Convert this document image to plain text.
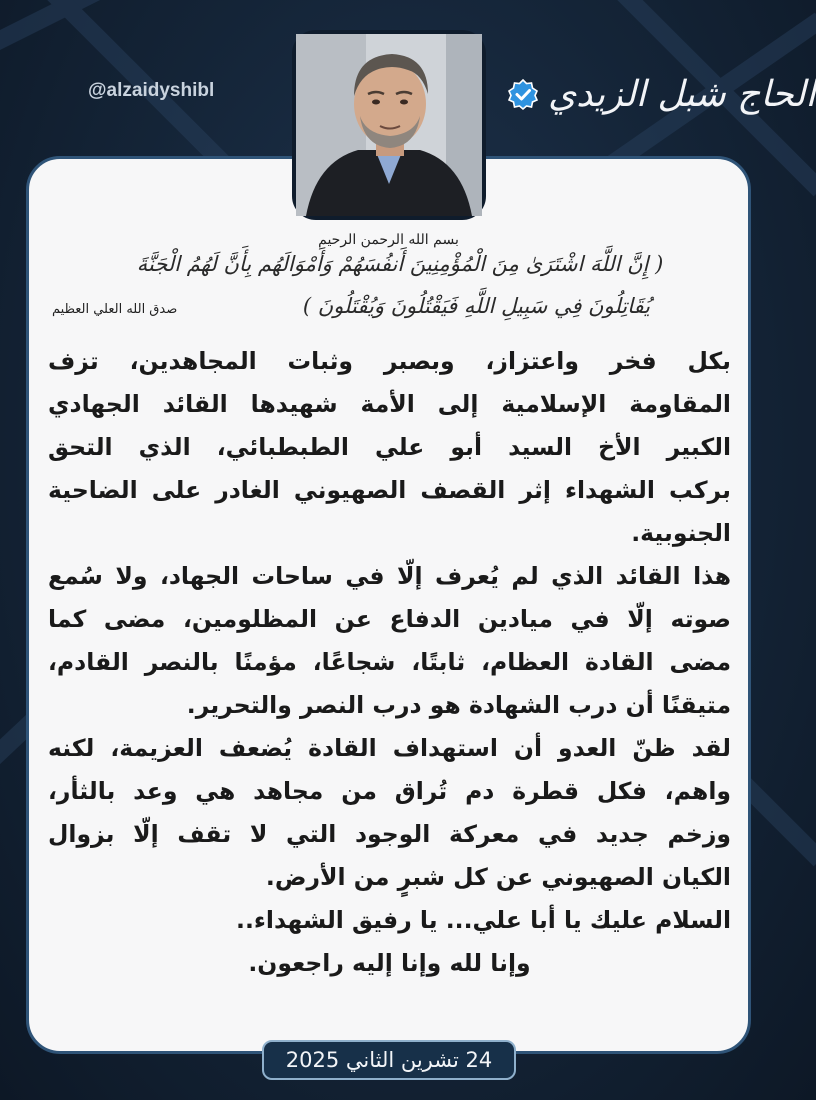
@alzaidyshibl	الحاج شبل الزيدي
بسم الله الرحمن الرحيم
( إِنَّ اللَّهَ اشْتَرَىٰ مِنَ الْمُؤْمِنِينَ أَنفُسَهُمْ وَأَمْوَالَهُم بِأَنَّ لَهُمُ الْجَنَّةَ
يُقَاتِلُونَ فِي سَبِيلِ اللَّهِ فَيَقْتُلُونَ وَيُقْتَلُونَ )
صدق الله العلي العظيم
بكل فخر واعتزاز، وبصبر وثبات المجاهدين، تزف
المقاومة الإسلامية إلى الأمة شهيدها القائد الجهادي
الكبير الأخ السيد أبو علي الطبطبائي، الذي التحق
بركب الشهداء إثر القصف الصهيوني الغادر على الضاحية
الجنوبية.
هذا القائد الذي لم يُعرف إلّا في ساحات الجهاد، ولا سُمع
صوته إلّا في ميادين الدفاع عن المظلومين، مضى كما
مضى القادة العظام، ثابتًا، شجاعًا، مؤمنًا بالنصر القادم،
متيقنًا أن درب الشهادة هو درب النصر والتحرير.
لقد ظنّ العدو أن استهداف القادة يُضعف العزيمة، لكنه
واهم، فكل قطرة دم تُراق من مجاهد هي وعد بالثأر،
وزخم جديد في معركة الوجود التي لا تقف إلّا بزوال
الكيان الصهيوني عن كل شبرٍ من الأرض.
السلام عليك يا أبا علي... يا رفيق الشهداء..
وإنا لله وإنا إليه راجعون.
24 تشرين الثاني 2025
